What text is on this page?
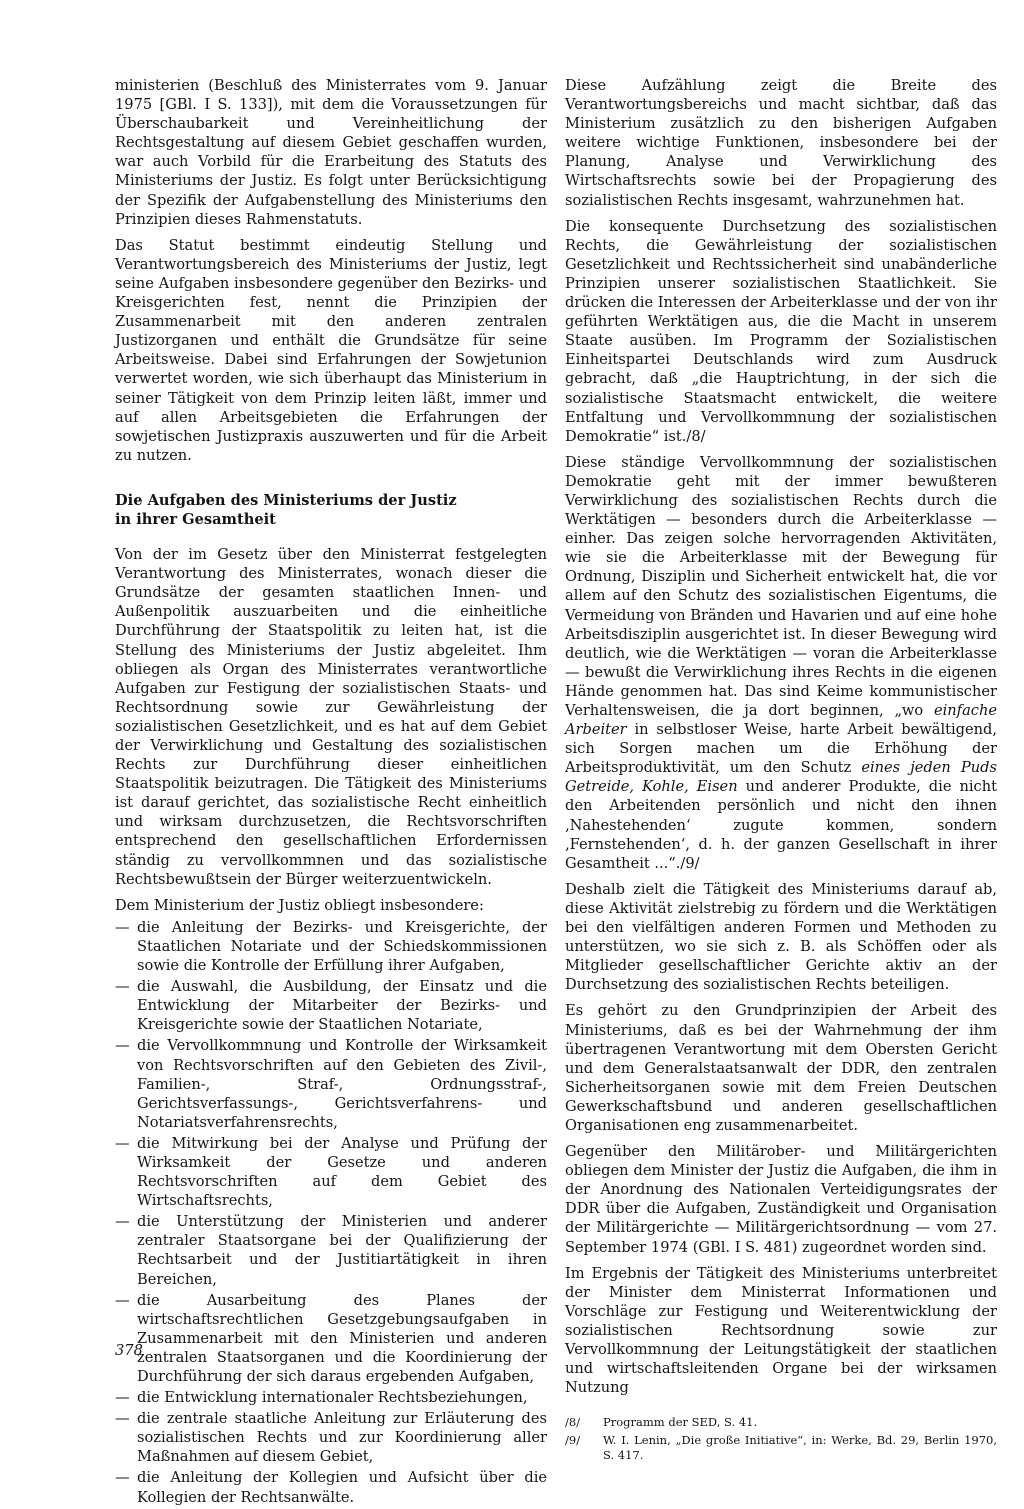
ministerien (Beschluß des Ministerrates vom 9. Januar 1975 [GBl. I S. 133]), mit dem die Voraussetzungen für Überschaubarkeit und Vereinheitlichung der Rechtsgestaltung auf diesem Gebiet geschaffen wurden, war auch Vorbild für die Erarbeitung des Statuts des Ministeriums der Justiz. Es folgt unter Berücksichtigung der Spezifik der Aufgabenstellung des Ministeriums den Prinzipien dieses Rahmenstatuts.

Das Statut bestimmt eindeutig Stellung und Verantwortungsbereich des Ministeriums der Justiz, legt seine Aufgaben insbesondere gegenüber den Bezirks- und Kreisgerichten fest, nennt die Prinzipien der Zusammenarbeit mit den anderen zentralen Justizorganen und enthält die Grundsätze für seine Arbeitsweise. Dabei sind Erfahrungen der Sowjetunion verwertet worden, wie sich überhaupt das Ministerium in seiner Tätigkeit von dem Prinzip leiten läßt, immer und auf allen Arbeitsgebieten die Erfahrungen der sowjetischen Justizpraxis auszuwerten und für die Arbeit zu nutzen.

Die Aufgaben des Ministeriums der Justiz
in ihrer Gesamtheit

Von der im Gesetz über den Ministerrat festgelegten Verantwortung des Ministerrates, wonach dieser die Grundsätze der gesamten staatlichen Innen- und Außenpolitik auszuarbeiten und die einheitliche Durchführung der Staatspolitik zu leiten hat, ist die Stellung des Ministeriums der Justiz abgeleitet. Ihm obliegen als Organ des Ministerrates verantwortliche Aufgaben zur Festigung der sozialistischen Staats- und Rechtsordnung sowie zur Gewährleistung der sozialistischen Gesetzlichkeit, und es hat auf dem Gebiet der Verwirklichung und Gestaltung des sozialistischen Rechts zur Durchführung dieser einheitlichen Staatspolitik beizutragen. Die Tätigkeit des Ministeriums ist darauf gerichtet, das sozialistische Recht einheitlich und wirksam durchzusetzen, die Rechtsvorschriften entsprechend den gesellschaftlichen Erfordernissen ständig zu vervollkommnen und das sozialistische Rechtsbewußtsein der Bürger weiterzuentwickeln.

Dem Ministerium der Justiz obliegt insbesondere:

— die Anleitung der Bezirks- und Kreisgerichte, der Staatlichen Notariate und der Schiedskommissionen sowie die Kontrolle der Erfüllung ihrer Aufgaben,
— die Auswahl, die Ausbildung, der Einsatz und die Entwicklung der Mitarbeiter der Bezirks- und Kreisgerichte sowie der Staatlichen Notariate,
— die Vervollkommnung und Kontrolle der Wirksamkeit von Rechtsvorschriften auf den Gebieten des Zivil-, Familien-, Straf-, Ordnungsstraf-, Gerichtsverfassungs-, Gerichtsverfahrens- und Notariatsverfahrensrechts,
— die Mitwirkung bei der Analyse und Prüfung der Wirksamkeit der Gesetze und anderen Rechtsvorschriften auf dem Gebiet des Wirtschaftsrechts,
— die Unterstützung der Ministerien und anderer zentraler Staatsorgane bei der Qualifizierung der Rechtsarbeit und der Justitiartätigkeit in ihren Bereichen,
— die Ausarbeitung des Planes der wirtschaftsrechtlichen Gesetzgebungsaufgaben in Zusammenarbeit mit den Ministerien und anderen zentralen Staatsorganen und die Koordinierung der Durchführung der sich daraus ergebenden Aufgaben,
— die Entwicklung internationaler Rechtsbeziehungen,
— die zentrale staatliche Anleitung zur Erläuterung des sozialistischen Rechts und zur Koordinierung aller Maßnahmen auf diesem Gebiet,
— die Anleitung der Kollegien und Aufsicht über die Kollegien der Rechtsanwälte.

Diese Aufzählung zeigt die Breite des Verantwortungsbereichs und macht sichtbar, daß das Ministerium zusätzlich zu den bisherigen Aufgaben weitere wichtige Funktionen, insbesondere bei der Planung, Analyse und Verwirklichung des Wirtschaftsrechts sowie bei der Propagierung des sozialistischen Rechts insgesamt, wahrzunehmen hat.

Die konsequente Durchsetzung des sozialistischen Rechts, die Gewährleistung der sozialistischen Gesetzlichkeit und Rechtssicherheit sind unabänderliche Prinzipien unserer sozialistischen Staatlichkeit. Sie drücken die Interessen der Arbeiterklasse und der von ihr geführten Werktätigen aus, die die Macht in unserem Staate ausüben. Im Programm der Sozialistischen Einheitspartei Deutschlands wird zum Ausdruck gebracht, daß „die Hauptrichtung, in der sich die sozialistische Staatsmacht entwickelt, die weitere Entfaltung und Vervollkommnung der sozialistischen Demokratie“ ist./8/

Diese ständige Vervollkommnung der sozialistischen Demokratie geht mit der immer bewußteren Verwirklichung des sozialistischen Rechts durch die Werktätigen — besonders durch die Arbeiterklasse — einher. Das zeigen solche hervorragenden Aktivitäten, wie sie die Arbeiterklasse mit der Bewegung für Ordnung, Disziplin und Sicherheit entwickelt hat, die vor allem auf den Schutz des sozialistischen Eigentums, die Vermeidung von Bränden und Havarien und auf eine hohe Arbeitsdisziplin ausgerichtet ist. In dieser Bewegung wird deutlich, wie die Werktätigen — voran die Arbeiterklasse — bewußt die Verwirklichung ihres Rechts in die eigenen Hände genommen hat. Das sind Keime kommunistischer Verhaltensweisen, die ja dort beginnen, „wo einfache Arbeiter in selbstloser Weise, harte Arbeit bewältigend, sich Sorgen machen um die Erhöhung der Arbeitsproduktivität, um den Schutz eines jeden Puds Getreide, Kohle, Eisen und anderer Produkte, die nicht den Arbeitenden persönlich und nicht den ihnen ‚Nahestehenden‘ zugute kommen, sondern ‚Fernstehenden‘, d. h. der ganzen Gesellschaft in ihrer Gesamtheit ...“./9/

Deshalb zielt die Tätigkeit des Ministeriums darauf ab, diese Aktivität zielstrebig zu fördern und die Werktätigen bei den vielfältigen anderen Formen und Methoden zu unterstützen, wo sie sich z. B. als Schöffen oder als Mitglieder gesellschaftlicher Gerichte aktiv an der Durchsetzung des sozialistischen Rechts beteiligen.

Es gehört zu den Grundprinzipien der Arbeit des Ministeriums, daß es bei der Wahrnehmung der ihm übertragenen Verantwortung mit dem Obersten Gericht und dem Generalstaatsanwalt der DDR, den zentralen Sicherheitsorganen sowie mit dem Freien Deutschen Gewerkschaftsbund und anderen gesellschaftlichen Organisationen eng zusammenarbeitet.

Gegenüber den Militärober- und Militärgerichten obliegen dem Minister der Justiz die Aufgaben, die ihm in der Anordnung des Nationalen Verteidigungsrates der DDR über die Aufgaben, Zuständigkeit und Organisation der Militärgerichte — Militärgerichtsordnung — vom 27. September 1974 (GBl. I S. 481) zugeordnet worden sind.

Im Ergebnis der Tätigkeit des Ministeriums unterbreitet der Minister dem Ministerrat Informationen und Vorschläge zur Festigung und Weiterentwicklung der sozialistischen Rechtsordnung sowie zur Vervollkommnung der Leitungstätigkeit der staatlichen und wirtschaftsleitenden Organe bei der wirksamen Nutzung

/8/ Programm der SED, S. 41.
/9/ W. I. Lenin, „Die große Initiative“, in: Werke, Bd. 29, Berlin 1970, S. 417.
378
